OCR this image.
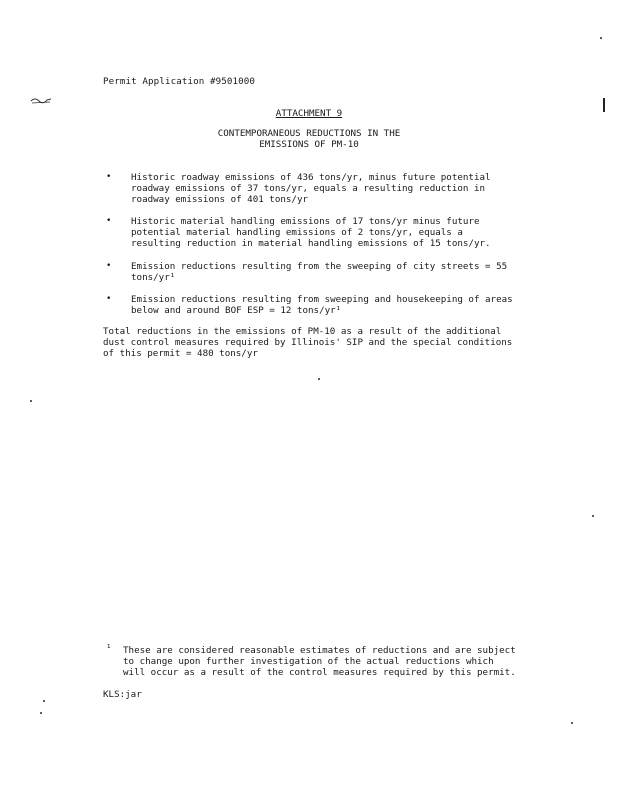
Permit Application #9501000
ATTACHMENT 9
CONTEMPORANEOUS REDUCTIONS IN THE
EMISSIONS OF PM-10
• Historic roadway emissions of 436 tons/yr, minus future potential
roadway emissions of 37 tons/yr, equals a resulting reduction in
roadway emissions of 401 tons/yr
• Historic material handling emissions of 17 tons/yr minus future
potential material handling emissions of 2 tons/yr, equals a
resulting reduction in material handling emissions of 15 tons/yr.
• Emission reductions resulting from the sweeping of city streets = 55
tons/yr¹
• Emission reductions resulting from sweeping and housekeeping of areas
below and around BOF ESP = 12 tons/yr¹
Total reductions in the emissions of PM-10 as a result of the additional
dust control measures required by Illinois' SIP and the special conditions
of this permit = 480 tons/yr
¹ These are considered reasonable estimates of reductions and are subject
to change upon further investigation of the actual reductions which
will occur as a result of the control measures required by this permit.
KLS:jar
